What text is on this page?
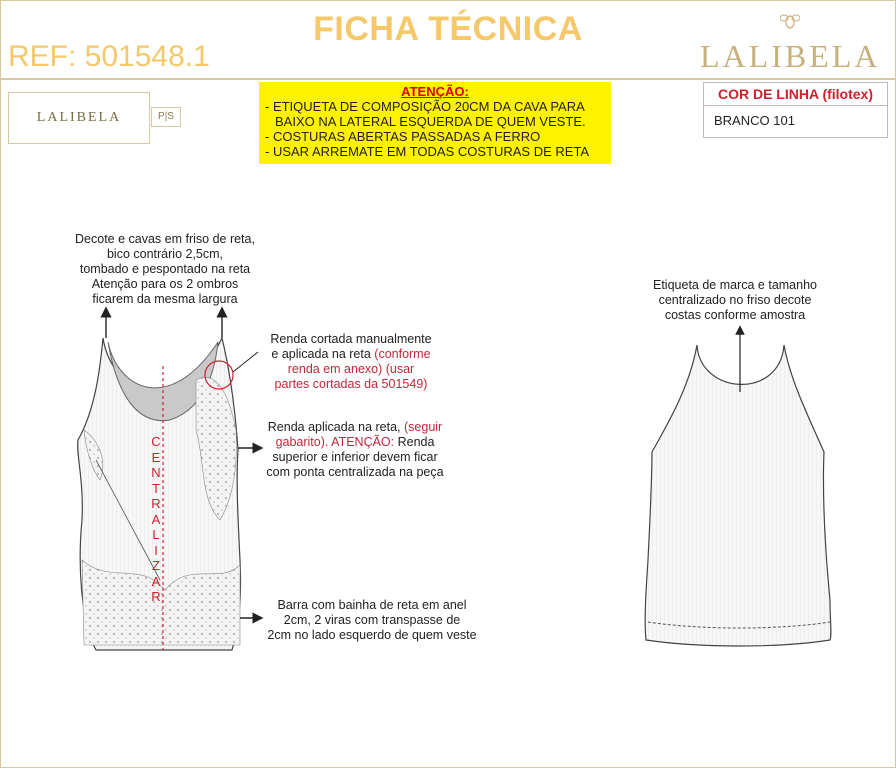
FICHA TÉCNICA
REF: 501548.1	LALIBELA
LALIBELA	P|S
ATENÇÃO:
- ETIQUETA DE COMPOSIÇÃO 20CM DA CAVA PARA
BAIXO NA LATERAL ESQUERDA DE QUEM VESTE.
- COSTURAS ABERTAS PASSADAS A FERRO
- USAR ARREMATE EM TODAS COSTURAS DE RETA
COR DE LINHA (filotex)
BRANCO 101
C
E
N
T
R
A
L
I
Z
A
R
Decote e cavas em friso de reta,
bico contrário 2,5cm,
tombado e pespontado na reta
Atenção para os 2 ombros
ficarem da mesma largura
Renda cortada manualmente
e aplicada na reta (conforme
renda em anexo) (usar
partes cortadas da 501549)
Renda aplicada na reta, (seguir
gabarito). ATENÇÃO: Renda
superior e inferior devem ficar
com ponta centralizada na peça
Barra com bainha de reta em anel
2cm, 2 viras com transpasse de
2cm no lado esquerdo de quem veste
Etiqueta de marca e tamanho
centralizado no friso decote
costas conforme amostra
